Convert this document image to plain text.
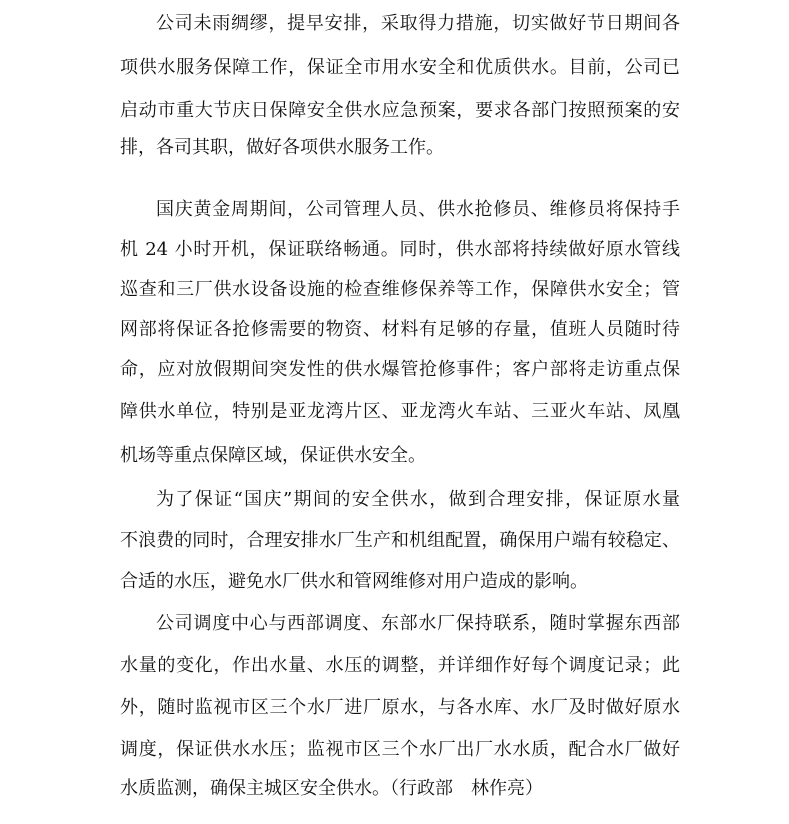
公司未雨绸缪，提早安排，采取得力措施，切实做好节日期间各
项供水服务保障工作，保证全市用水安全和优质供水。目前，公司已
启动市重大节庆日保障安全供水应急预案，要求各部门按照预案的安
排，各司其职，做好各项供水服务工作。
国庆黄金周期间，公司管理人员、供水抢修员、维修员将保持手
机 24 小时开机，保证联络畅通。同时，供水部将持续做好原水管线
巡查和三厂供水设备设施的检查维修保养等工作，保障供水安全；管
网部将保证各抢修需要的物资、材料有足够的存量，值班人员随时待
命，应对放假期间突发性的供水爆管抢修事件；客户部将走访重点保
障供水单位，特别是亚龙湾片区、亚龙湾火车站、三亚火车站、凤凰
机场等重点保障区域，保证供水安全。
为了保证“国庆”期间的安全供水，做到合理安排，保证原水量
不浪费的同时，合理安排水厂生产和机组配置，确保用户端有较稳定、
合适的水压，避免水厂供水和管网维修对用户造成的影响。
公司调度中心与西部调度、东部水厂保持联系，随时掌握东西部
水量的变化，作出水量、水压的调整，并详细作好每个调度记录；此
外，随时监视市区三个水厂进厂原水，与各水库、水厂及时做好原水
调度，保证供水水压；监视市区三个水厂出厂水水质，配合水厂做好
水质监测，确保主城区安全供水。（行政部　林作亮）
